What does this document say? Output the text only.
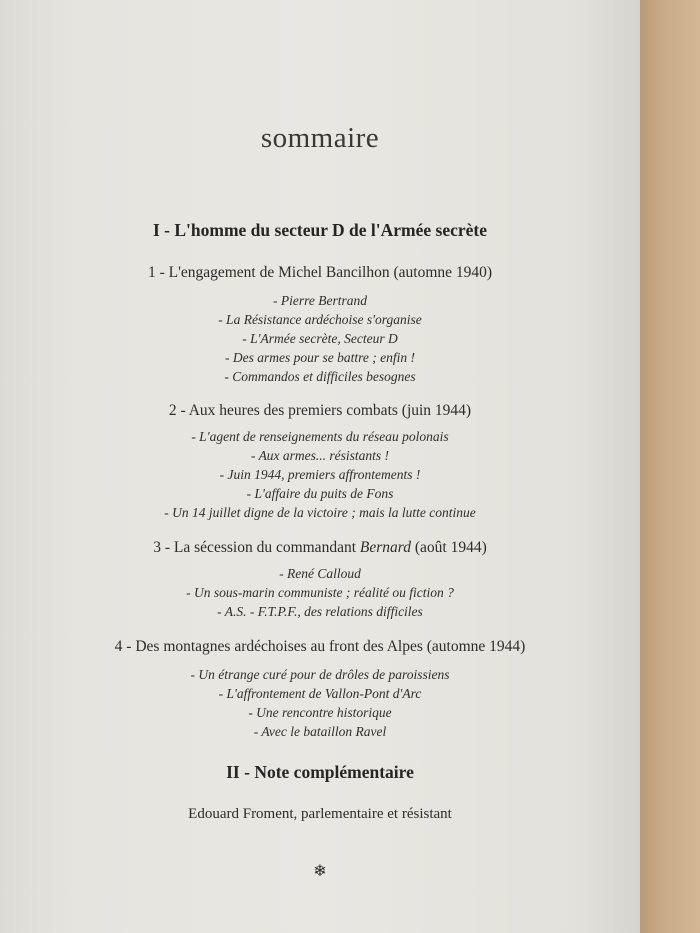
sommaire
I - L'homme du secteur D de l'Armée secrète
1 - L'engagement de Michel Bancilhon (automne 1940)
- Pierre Bertrand
- La Résistance ardéchoise s'organise
- L'Armée secrète, Secteur D
- Des armes pour se battre ; enfin !
- Commandos et difficiles besognes
2 - Aux heures des premiers combats (juin 1944)
- L'agent de renseignements du réseau polonais
- Aux armes... résistants !
- Juin 1944, premiers affrontements !
- L'affaire du puits de Fons
- Un 14 juillet digne de la victoire ; mais la lutte continue
3 - La sécession du commandant Bernard (août 1944)
- René Calloud
- Un sous-marin communiste ; réalité ou fiction ?
- A.S. - F.T.P.F., des relations difficiles
4 - Des montagnes ardéchoises au front des Alpes (automne 1944)
- Un étrange curé pour de drôles de paroissiens
- L'affrontement de Vallon-Pont d'Arc
- Une rencontre historique
- Avec le bataillon Ravel
II - Note complémentaire
Edouard Froment, parlementaire et résistant
❄
